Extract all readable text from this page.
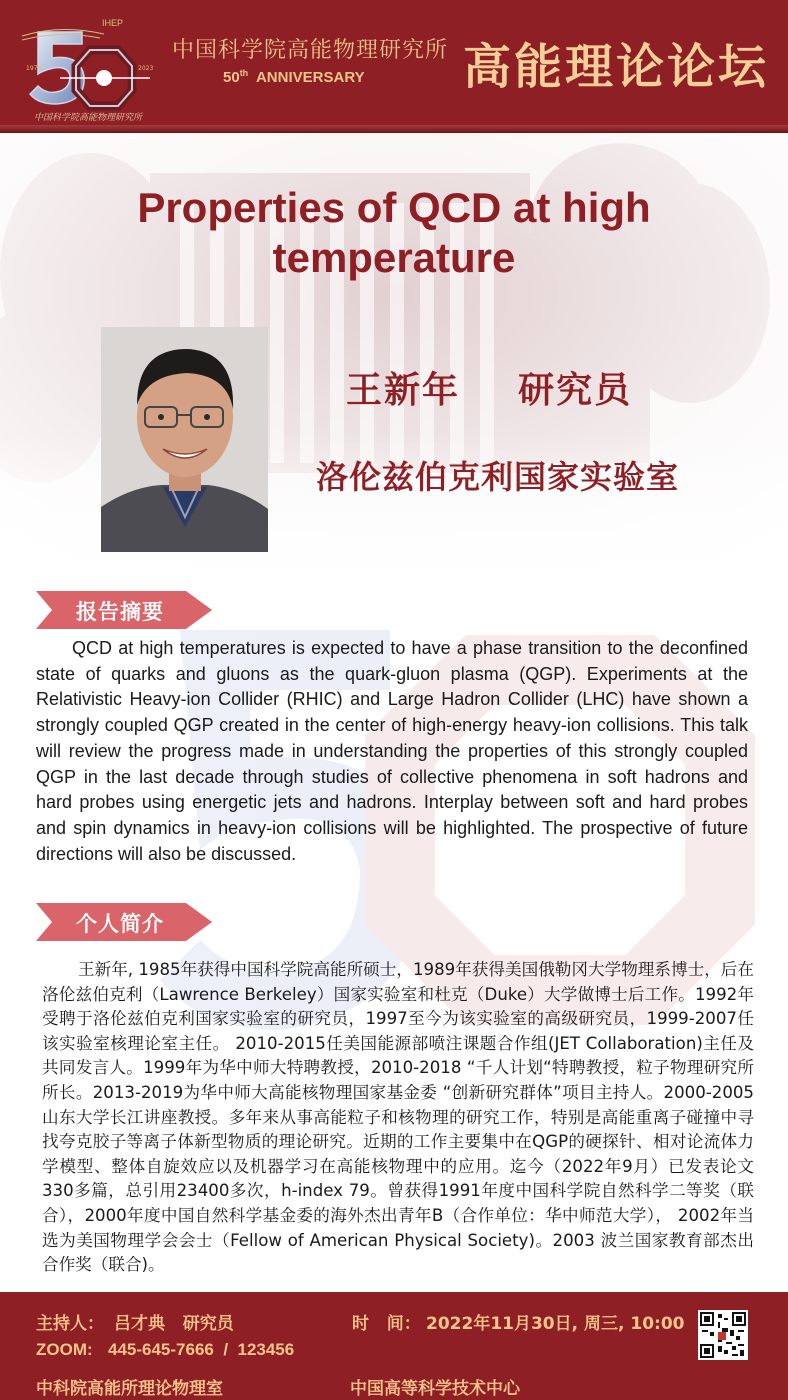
IHEP
1973	2023
中国科学院高能物理研究所
中国科学院高能物理研究所
50th ANNIVERSARY 高能理论论坛
Properties of QCD at high temperature
王新年    研究员
洛伦兹伯克利国家实验室
报告摘要
QCD at high temperatures is expected to have a phase transition to the deconfined state of quarks and gluons as the quark-gluon plasma (QGP). Experiments at the Relativistic Heavy-ion Collider (RHIC) and Large Hadron Collider (LHC) have shown a strongly coupled QGP created in the center of high-energy heavy-ion collisions. This talk will review the progress made in understanding the properties of this strongly coupled QGP in the last decade through studies of collective phenomena in soft hadrons and hard probes using energetic jets and hadrons. Interplay between soft and hard probes and spin dynamics in heavy-ion collisions will be highlighted. The prospective of future directions will also be discussed.
个人简介
王新年, 1985年获得中国科学院高能所硕士，1989年获得美国俄勒冈大学物理系博士，后在洛伦兹伯克利（Lawrence Berkeley）国家实验室和杜克（Duke）大学做博士后工作。1992年受聘于洛伦兹伯克利国家实验室的研究员，1997至今为该实验室的高级研究员，1999-2007任该实验室核理论室主任。 2010-2015任美国能源部喷注课题合作组(JET Collaboration)主任及共同发言人。1999年为华中师大特聘教授，2010-2018 “千人计划“特聘教授，粒子物理研究所所长。2013-2019为华中师大高能核物理国家基金委 “创新研究群体”项目主持人。2000-2005山东大学长江讲座教授。多年来从事高能粒子和核物理的研究工作，特别是高能重离子碰撞中寻找夸克胶子等离子体新型物质的理论研究。近期的工作主要集中在QGP的硬探针、相对论流体力学模型、整体自旋效应以及机器学习在高能核物理中的应用。迄今（2022年9月）已发表论文330多篇，总引用23400多次，h-index 79。曾获得1991年度中国科学院自然科学二等奖（联合），2000年度中国自然科学基金委的海外杰出青年B（合作单位：华中师范大学）， 2002年当选为美国物理学会会士（Fellow of American Physical Society)。2003 波兰国家教育部杰出合作奖（联合)。
主持人： 吕才典   研究员	时   间： 2022年11月30日, 周三, 10:00
ZOOM: 445-645-7666  /  123456
中科院高能所理论物理室	中国高等科学技术中心
